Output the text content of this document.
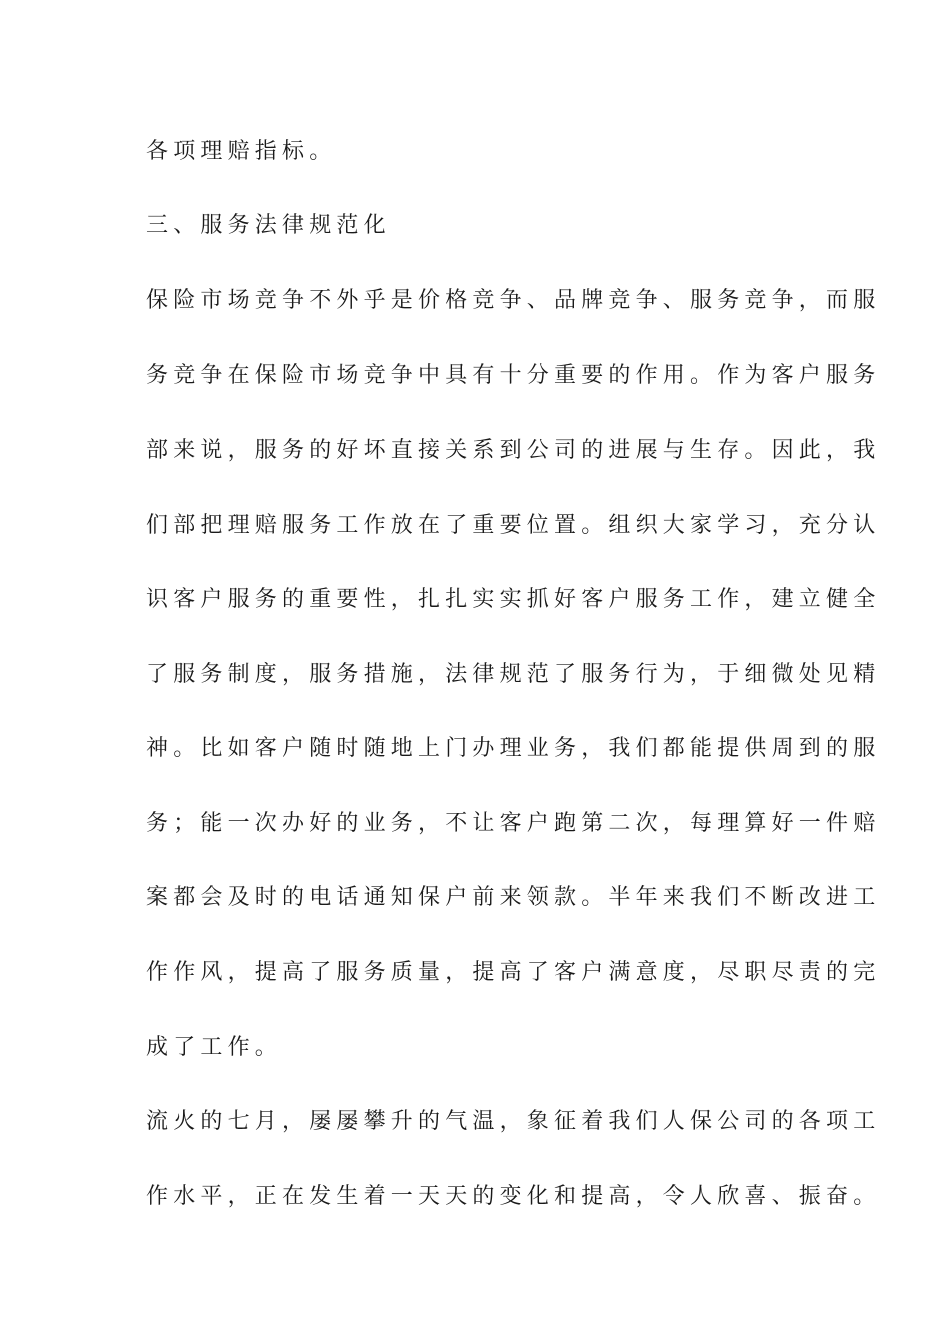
各项理赔指标。
三、服务法律规范化
保险市场竞争不外乎是价格竞争、品牌竞争、服务竞争，而服
务竞争在保险市场竞争中具有十分重要的作用。作为客户服务
部来说，服务的好坏直接关系到公司的进展与生存。因此，我
们部把理赔服务工作放在了重要位置。组织大家学习，充分认
识客户服务的重要性，扎扎实实抓好客户服务工作，建立健全
了服务制度，服务措施，法律规范了服务行为，于细微处见精
神。比如客户随时随地上门办理业务，我们都能提供周到的服
务；能一次办好的业务，不让客户跑第二次，每理算好一件赔
案都会及时的电话通知保户前来领款。半年来我们不断改进工
作作风，提高了服务质量，提高了客户满意度，尽职尽责的完
成了工作。
流火的七月，屡屡攀升的气温，象征着我们人保公司的各项工
作水平，正在发生着一天天的变化和提高，令人欣喜、振奋。
